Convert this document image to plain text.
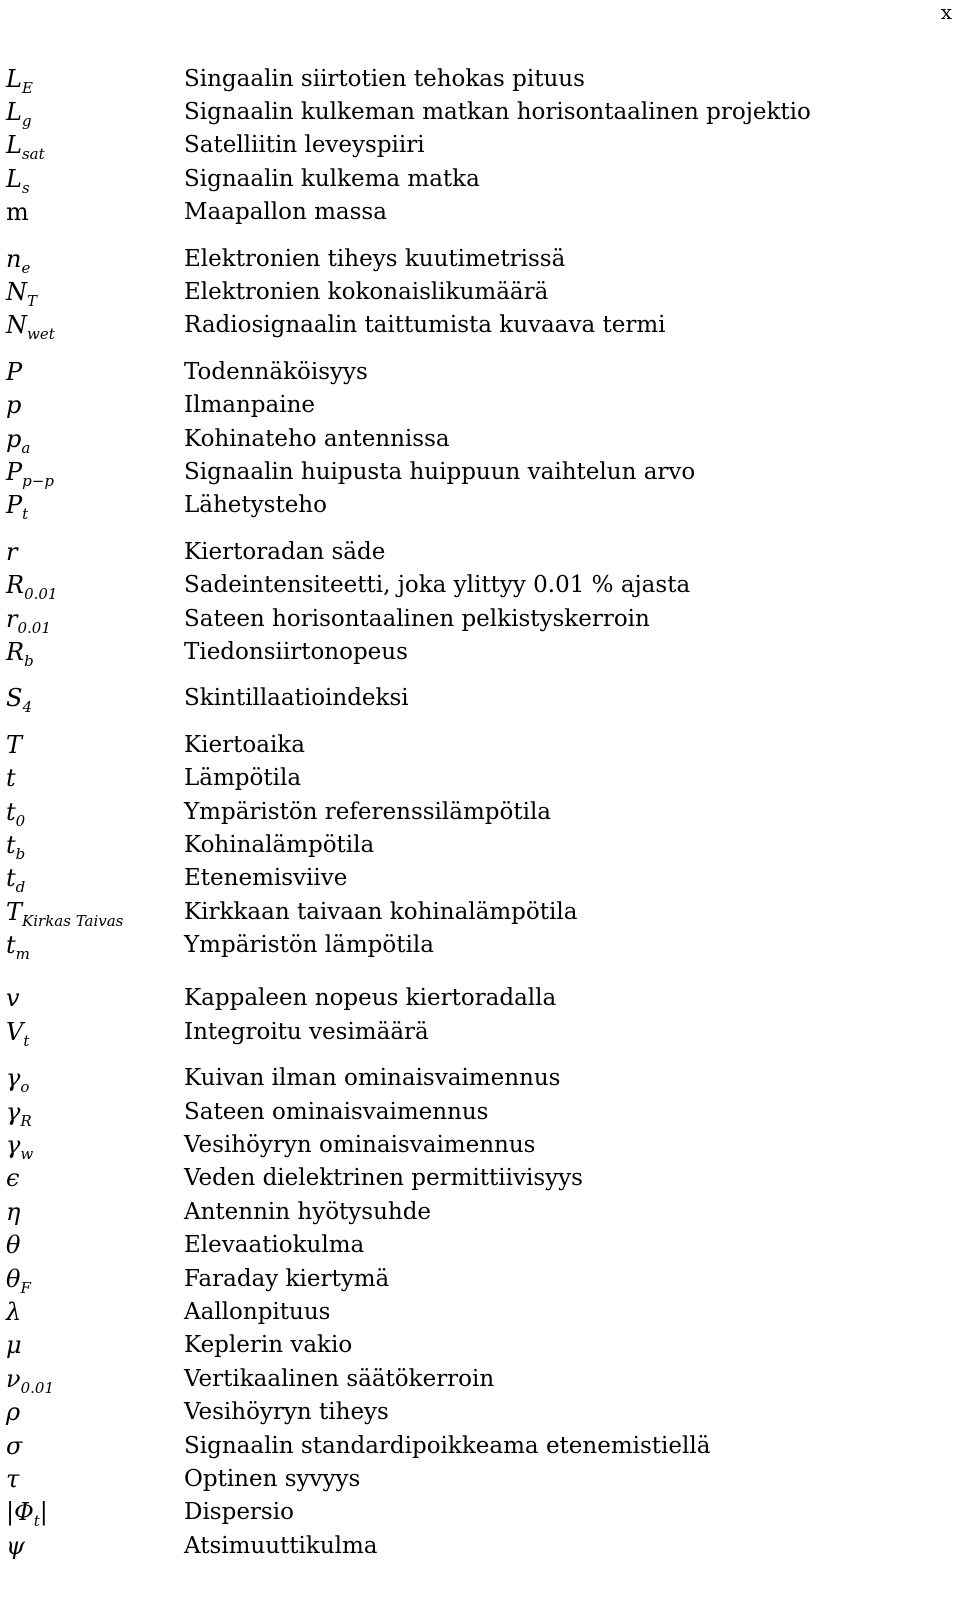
x
$L_E$	Singaalin siirtotien tehokas pituus
$L_g$	Signaalin kulkeman matkan horisontaalinen projektio
$L_{sat}$	Satelliitin leveyspiiri
$L_s$	Signaalin kulkema matka
m	Maapallon massa
$n_e$	Elektronien tiheys kuutimetrissä
$N_T$	Elektronien kokonaislikumäärä
$N_{wet}$	Radiosignaalin taittumista kuvaava termi
P	Todennäköisyys
p	Ilmanpaine
$p_a$	Kohinateho antennissa
$P_{p-p}$	Signaalin huipusta huippuun vaihtelun arvo
$P_t$	Lähetysteho
r	Kiertoradan säde
$R_{0.01}$	Sadeintensiteetti, joka ylittyy 0.01 % ajasta
$r_{0.01}$	Sateen horisontaalinen pelkistyskerroin
$R_b$	Tiedonsiirtonopeus
$S_4$	Skintillaatioindeksi
T	Kiertoaika
t	Lämpötila
$t_0$	Ympäristön referenssilämpötila
$t_b$	Kohinalämpötila
$t_d$	Etenemisviive
$T_{Kirkas Taivas}$	Kirkkaan taivaan kohinalämpötila
$t_m$	Ympäristön lämpötila
v	Kappaleen nopeus kiertoradalla
$V_t$	Integroitu vesimäärä
$\gamma_o$	Kuivan ilman ominaisvaimennus
$\gamma_R$	Sateen ominaisvaimennus
$\gamma_w$	Vesihöyryn ominaisvaimennus
ϵ	Veden dielektrinen permittiivisyys
η	Antennin hyötysuhde
θ	Elevaatiokulma
$\theta_F$	Faraday kiertymä
λ	Aallonpituus
μ	Keplerin vakio
$\nu_{0.01}$	Vertikaalinen säätökerroin
ρ	Vesihöyryn tiheys
σ	Signaalin standardipoikkeama etenemistiellä
τ	Optinen syvyys
$|\Phi_t|$	Dispersio
ψ	Atsimuuttikulma
